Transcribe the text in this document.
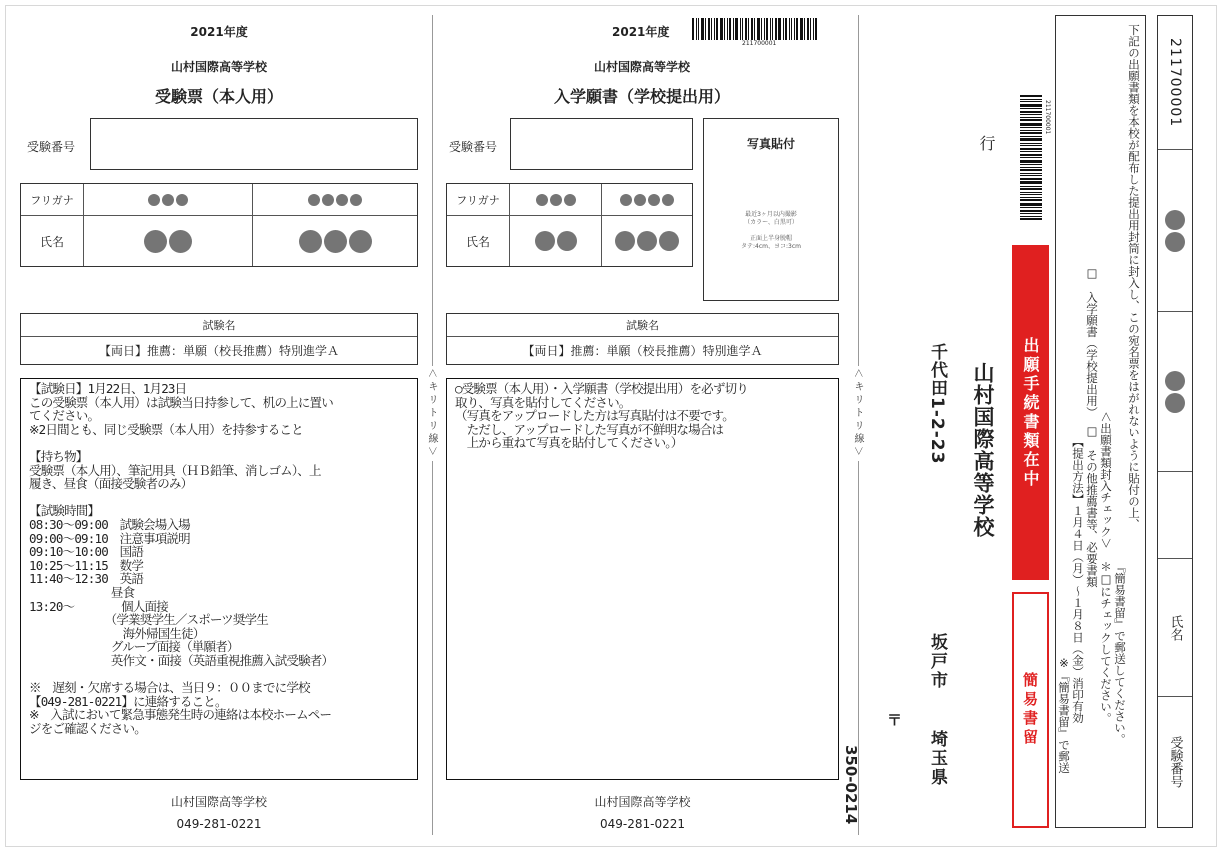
2021年度
山村国際高等学校
受験票（本人用）
受験番号
フリガナ
氏名
試験名
【両日】推薦：単願（校長推薦）特別進学Ａ
【試験日】1月22日、1月23日
この受験票（本人用）は試験当日持参して、机の上に置い
てください。
※2日間とも、同じ受験票（本人用）を持参すること

【持ち物】
受験票（本人用）、筆記用具（ＨＢ鉛筆、消しゴム）、上
履き、昼食（面接受験者のみ）

【試験時間】
08:30～09:00　試験会場入場
09:00～09:10　注意事項説明
09:10～10:00　国語
10:25～11:15　数学
11:40～12:30　英語
　　　　　　　昼食
13:20～　　　　個人面接
　　　　　　　（学業奨学生／スポーツ奨学生
　　　　　　　　海外帰国生徒）
　　　　　　　グループ面接（単願者）
　　　　　　　英作文・面接（英語重視推薦入試受験者）

※　遅刻・欠席する場合は、当日９：００までに学校
【049-281-0221】に連絡すること。
※　入試において緊急事態発生時の連絡は本校ホームペー
ジをご確認ください。
山村国際高等学校
049-281-0221
＜キリトリ線＞
2021年度
211700001
山村国際高等学校
入学願書（学校提出用）
受験番号	写真貼付
最近3ヶ月以内撮影
（カラー、白黒可）
正面上半身脱帽
タテ:4cm、ヨコ:3cm
フリガナ
氏名
試験名
【両日】推薦：単願（校長推薦）特別進学Ａ
○受験票（本人用）・入学願書（学校提出用）を必ず切り
取り、写真を貼付してください。
（写真をアップロードした方は写真貼付は不要です。
　ただし、アップロードした写真が不鮮明な場合は
　上から重ねて写真を貼付してください。）
山村国際高等学校
049-281-0221
＜キリトリ線＞
〒
350-0214	埼玉県
坂戸市
千代田1-2-23 山村国際高等学校
行
211700001
出願手続書類在中
簡易書留
下記の出願書類を本校が配布した提出用封筒に封入し、この宛名票をはがれないように貼付の上、
『簡易書留』で郵送してください。
＜出願書類封入チェック＞　＊□にチェックしてください。
□　入学願書（学校提出用）　□　その他推薦書等、必要書類
【提出方法】１月４日（月）～１月８日（金）消印有効
※『簡易書留』で郵送
211700001
氏名
受験番号
